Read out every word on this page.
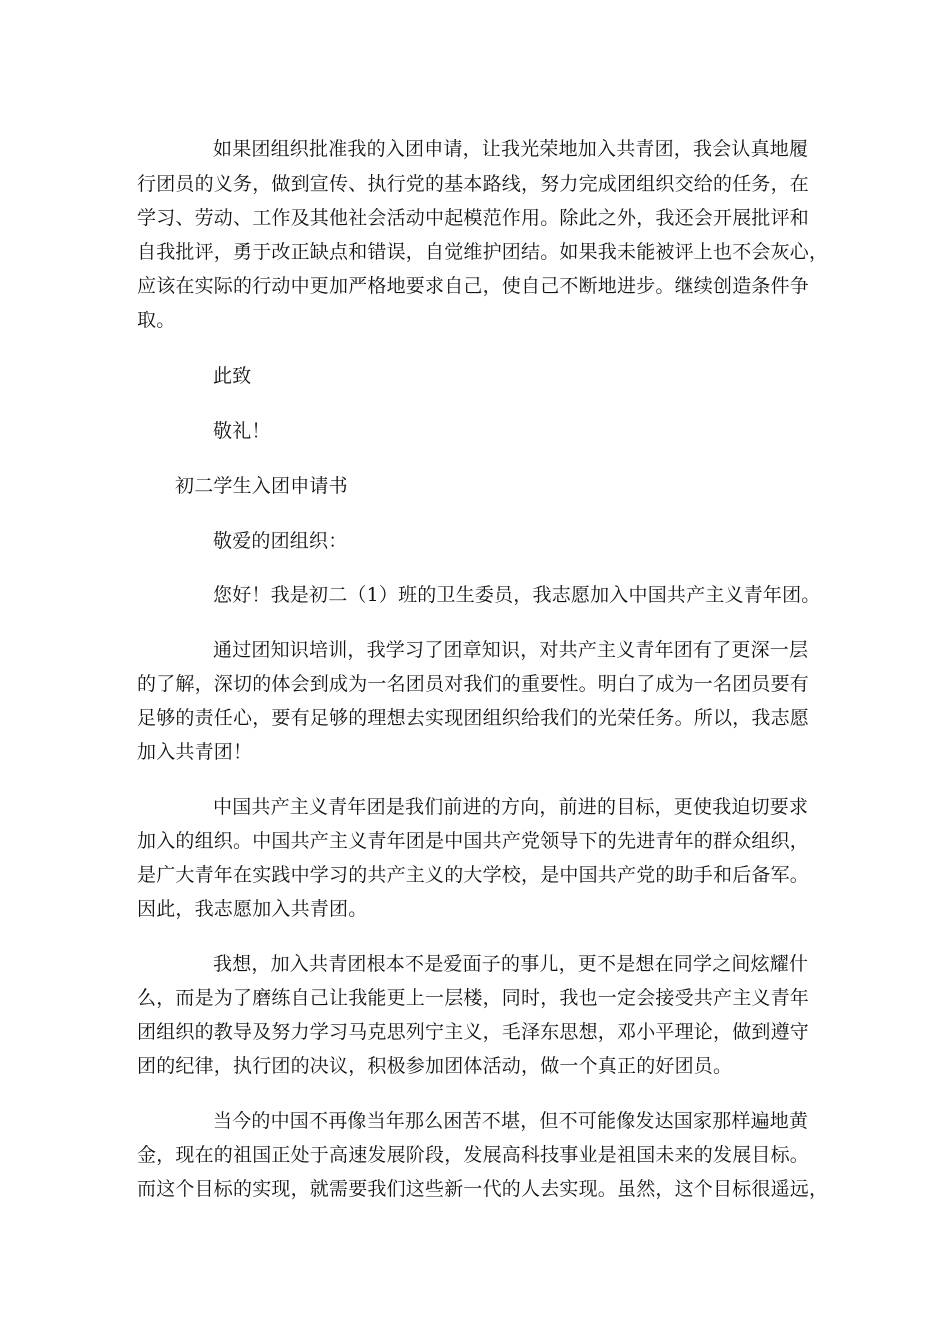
如果团组织批准我的入团申请，让我光荣地加入共青团，我会认真地履
行团员的义务，做到宣传、执行党的基本路线，努力完成团组织交给的任务，在
学习、劳动、工作及其他社会活动中起模范作用。除此之外，我还会开展批评和
自我批评，勇于改正缺点和错误，自觉维护团结。如果我未能被评上也不会灰心，
应该在实际的行动中更加严格地要求自己，使自己不断地进步。继续创造条件争
取。
此致
敬礼！
初二学生入团申请书
敬爱的团组织：
您好！我是初二（1）班的卫生委员，我志愿加入中国共产主义青年团。
通过团知识培训，我学习了团章知识，对共产主义青年团有了更深一层
的了解，深切的体会到成为一名团员对我们的重要性。明白了成为一名团员要有
足够的责任心，要有足够的理想去实现团组织给我们的光荣任务。所以，我志愿
加入共青团！
中国共产主义青年团是我们前进的方向，前进的目标，更使我迫切要求
加入的组织。中国共产主义青年团是中国共产党领导下的先进青年的群众组织，
是广大青年在实践中学习的共产主义的大学校，是中国共产党的助手和后备军。
因此，我志愿加入共青团。
我想，加入共青团根本不是爱面子的事儿，更不是想在同学之间炫耀什
么，而是为了磨练自己让我能更上一层楼，同时，我也一定会接受共产主义青年
团组织的教导及努力学习马克思列宁主义，毛泽东思想，邓小平理论，做到遵守
团的纪律，执行团的决议，积极参加团体活动，做一个真正的好团员。
当今的中国不再像当年那么困苦不堪，但不可能像发达国家那样遍地黄
金，现在的祖国正处于高速发展阶段，发展高科技事业是祖国未来的发展目标。
而这个目标的实现，就需要我们这些新一代的人去实现。虽然，这个目标很遥远，
